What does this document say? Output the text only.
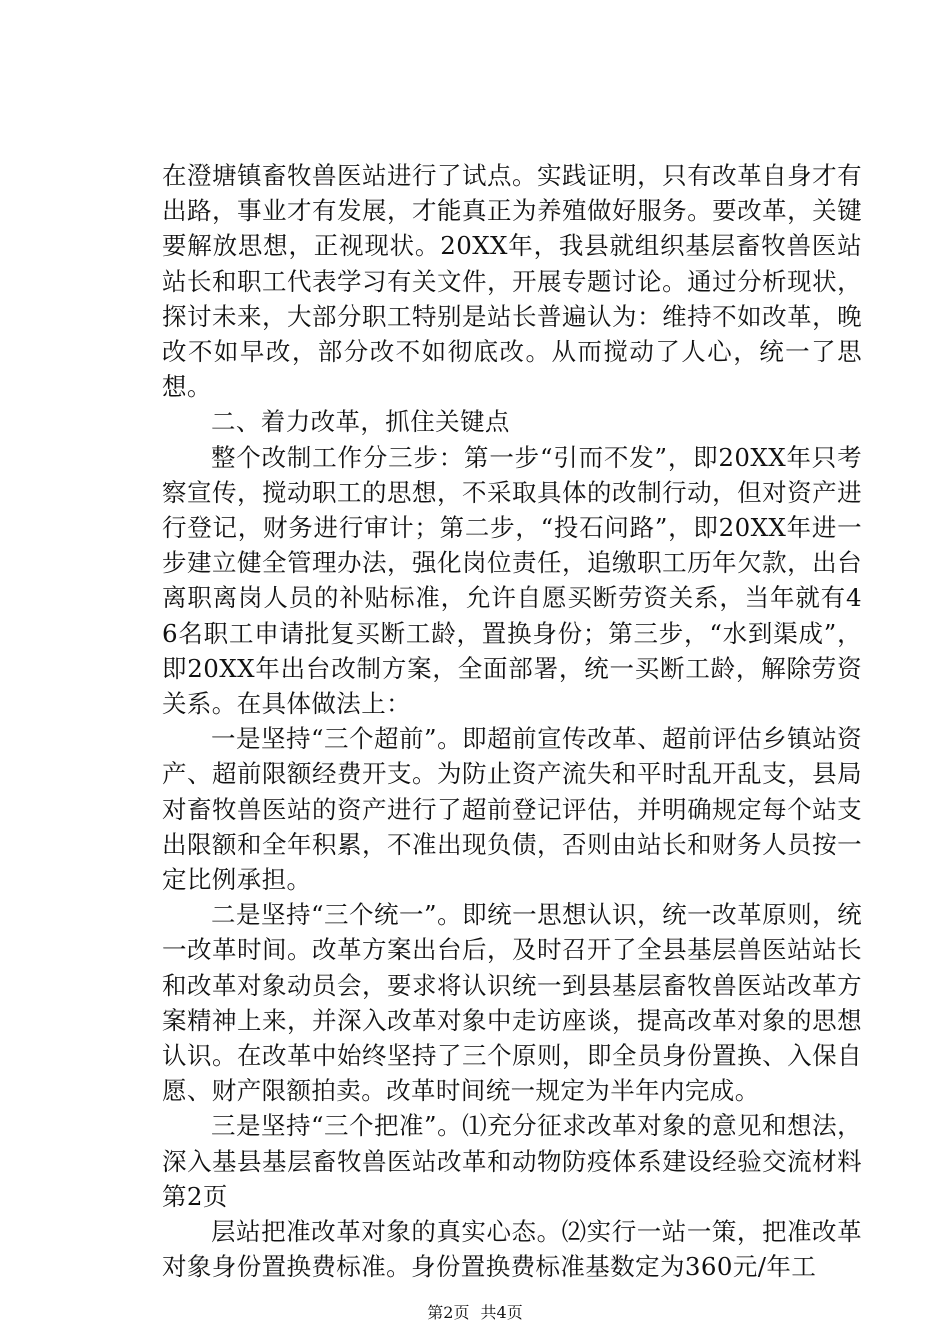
在澄塘镇畜牧兽医站进行了试点。实践证明，只有改革自身才有出路，事业才有发展，才能真正为养殖做好服务。要改革，关键要解放思想，正视现状。20XX年，我县就组织基层畜牧兽医站站长和职工代表学习有关文件，开展专题讨论。通过分析现状，探讨未来，大部分职工特别是站长普遍认为：维持不如改革，晚改不如早改，部分改不如彻底改。从而搅动了人心，统一了思想。

二、着力改革，抓住关键点

整个改制工作分三步：第一步“引而不发”，即20XX年只考察宣传，搅动职工的思想，不采取具体的改制行动，但对资产进行登记，财务进行审计；第二步，“投石问路”，即20XX年进一步建立健全管理办法，强化岗位责任，追缴职工历年欠款，出台离职离岗人员的补贴标准，允许自愿买断劳资关系，当年就有46名职工申请批复买断工龄，置换身份；第三步，“水到渠成”，即20XX年出台改制方案，全面部署，统一买断工龄，解除劳资关系。在具体做法上：

一是坚持“三个超前”。即超前宣传改革、超前评估乡镇站资产、超前限额经费开支。为防止资产流失和平时乱开乱支，县局对畜牧兽医站的资产进行了超前登记评估，并明确规定每个站支出限额和全年积累，不准出现负债，否则由站长和财务人员按一定比例承担。

二是坚持“三个统一”。即统一思想认识，统一改革原则，统一改革时间。改革方案出台后，及时召开了全县基层兽医站站长和改革对象动员会，要求将认识统一到县基层畜牧兽医站改革方案精神上来，并深入改革对象中走访座谈，提高改革对象的思想认识。在改革中始终坚持了三个原则，即全员身份置换、入保自愿、财产限额拍卖。改革时间统一规定为半年内完成。

三是坚持“三个把准”。⑴充分征求改革对象的意见和想法，深入基县基层畜牧兽医站改革和动物防疫体系建设经验交流材料第2页

层站把准改革对象的真实心态。⑵实行一站一策，把准改革对象身份置换费标准。身份置换费标准基数定为360元/年工

第2页 共4页
